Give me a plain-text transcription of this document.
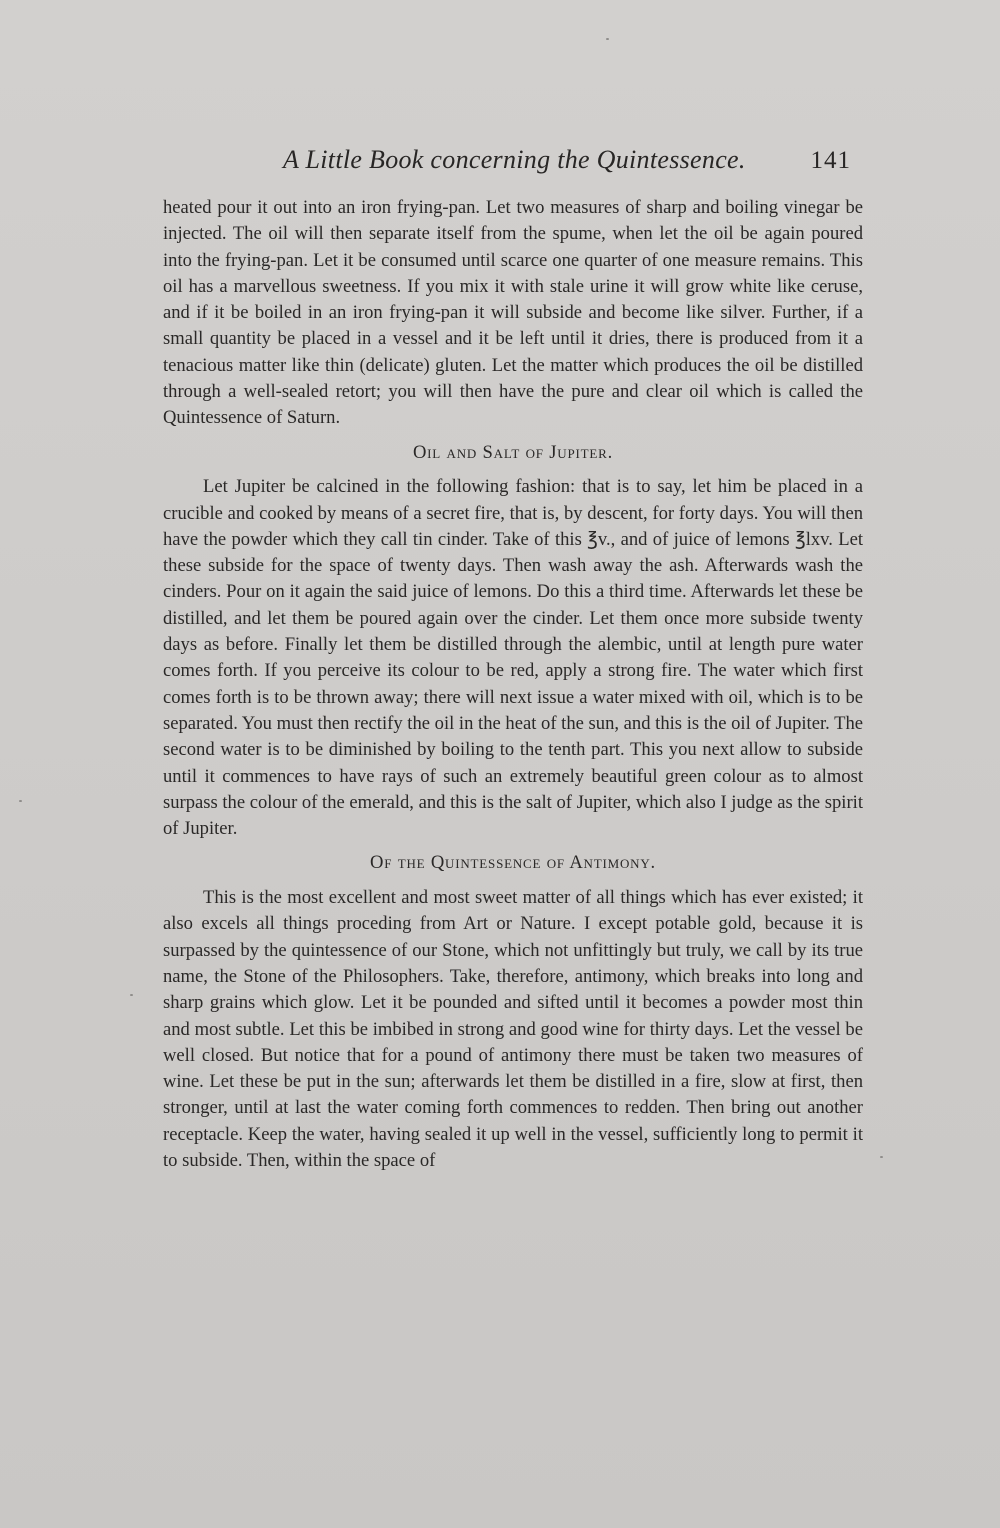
A Little Book concerning the Quintessence.	141

heated pour it out into an iron frying-pan. Let two measures of sharp and boiling vinegar be injected. The oil will then separate itself from the spume, when let the oil be again poured into the frying-pan. Let it be consumed until scarce one quarter of one measure remains. This oil has a marvellous sweetness. If you mix it with stale urine it will grow white like ceruse, and if it be boiled in an iron frying-pan it will subside and become like silver. Further, if a small quantity be placed in a vessel and it be left until it dries, there is produced from it a tenacious matter like thin (delicate) gluten. Let the matter which produces the oil be distilled through a well-sealed retort; you will then have the pure and clear oil which is called the Quintessence of Saturn.

Oil and Salt of Jupiter.

Let Jupiter be calcined in the following fashion: that is to say, let him be placed in a crucible and cooked by means of a secret fire, that is, by descent, for forty days. You will then have the powder which they call tin cinder. Take of this ℥v., and of juice of lemons ℥lxv. Let these subside for the space of twenty days. Then wash away the ash. Afterwards wash the cinders. Pour on it again the said juice of lemons. Do this a third time. Afterwards let these be distilled, and let them be poured again over the cinder. Let them once more subside twenty days as before. Finally let them be distilled through the alembic, until at length pure water comes forth. If you perceive its colour to be red, apply a strong fire. The water which first comes forth is to be thrown away; there will next issue a water mixed with oil, which is to be separated. You must then rectify the oil in the heat of the sun, and this is the oil of Jupiter. The second water is to be diminished by boiling to the tenth part. This you next allow to subside until it commences to have rays of such an extremely beautiful green colour as to almost surpass the colour of the emerald, and this is the salt of Jupiter, which also I judge as the spirit of Jupiter.

Of the Quintessence of Antimony.

This is the most excellent and most sweet matter of all things which has ever existed; it also excels all things proceding from Art or Nature. I except potable gold, because it is surpassed by the quintessence of our Stone, which not unfittingly but truly, we call by its true name, the Stone of the Philosophers. Take, therefore, antimony, which breaks into long and sharp grains which glow. Let it be pounded and sifted until it becomes a powder most thin and most subtle. Let this be imbibed in strong and good wine for thirty days. Let the vessel be well closed. But notice that for a pound of antimony there must be taken two measures of wine. Let these be put in the sun; afterwards let them be distilled in a fire, slow at first, then stronger, until at last the water coming forth commences to redden. Then bring out another receptacle. Keep the water, having sealed it up well in the vessel, sufficiently long to permit it to subside. Then, within the space of
